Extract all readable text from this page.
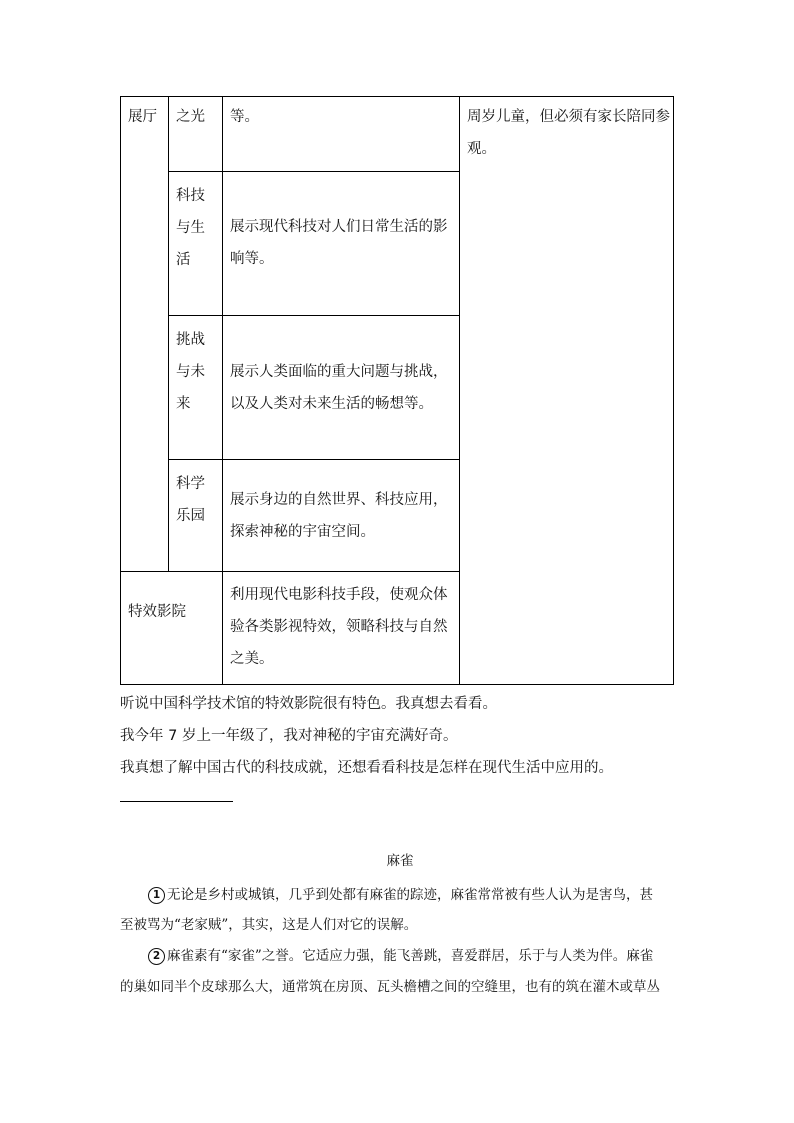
展厅 之光 等。
科技
与生
活
展示现代科技对人们日常生活的影
响等。
挑战
与未
来
展示人类面临的重大问题与挑战，
以及人类对未来生活的畅想等。
科学
乐园
展示身边的自然世界、科技应用，
探索神秘的宇宙空间。
特效影院
利用现代电影科技手段，使观众体
验各类影视特效，领略科技与自然
之美。
周岁儿童，但必须有家长陪同参
观。
听说中国科学技术馆的特效影院很有特色。我真想去看看。
我今年 7 岁上一年级了，我对神秘的宇宙充满好奇。
我真想了解中国古代的科技成就，还想看看科技是怎样在现代生活中应用的。
麻雀
1 无论是乡村或城镇，几乎到处都有麻雀的踪迹，麻雀常常被有些人认为是害鸟，甚
至被骂为“老家贼”，其实，这是人们对它的误解。
2 麻雀素有“家雀”之誉。它适应力强，能飞善跳，喜爱群居，乐于与人类为伴。麻雀
的巢如同半个皮球那么大，通常筑在房顶、瓦头檐槽之间的空缝里，也有的筑在灌木或草丛
